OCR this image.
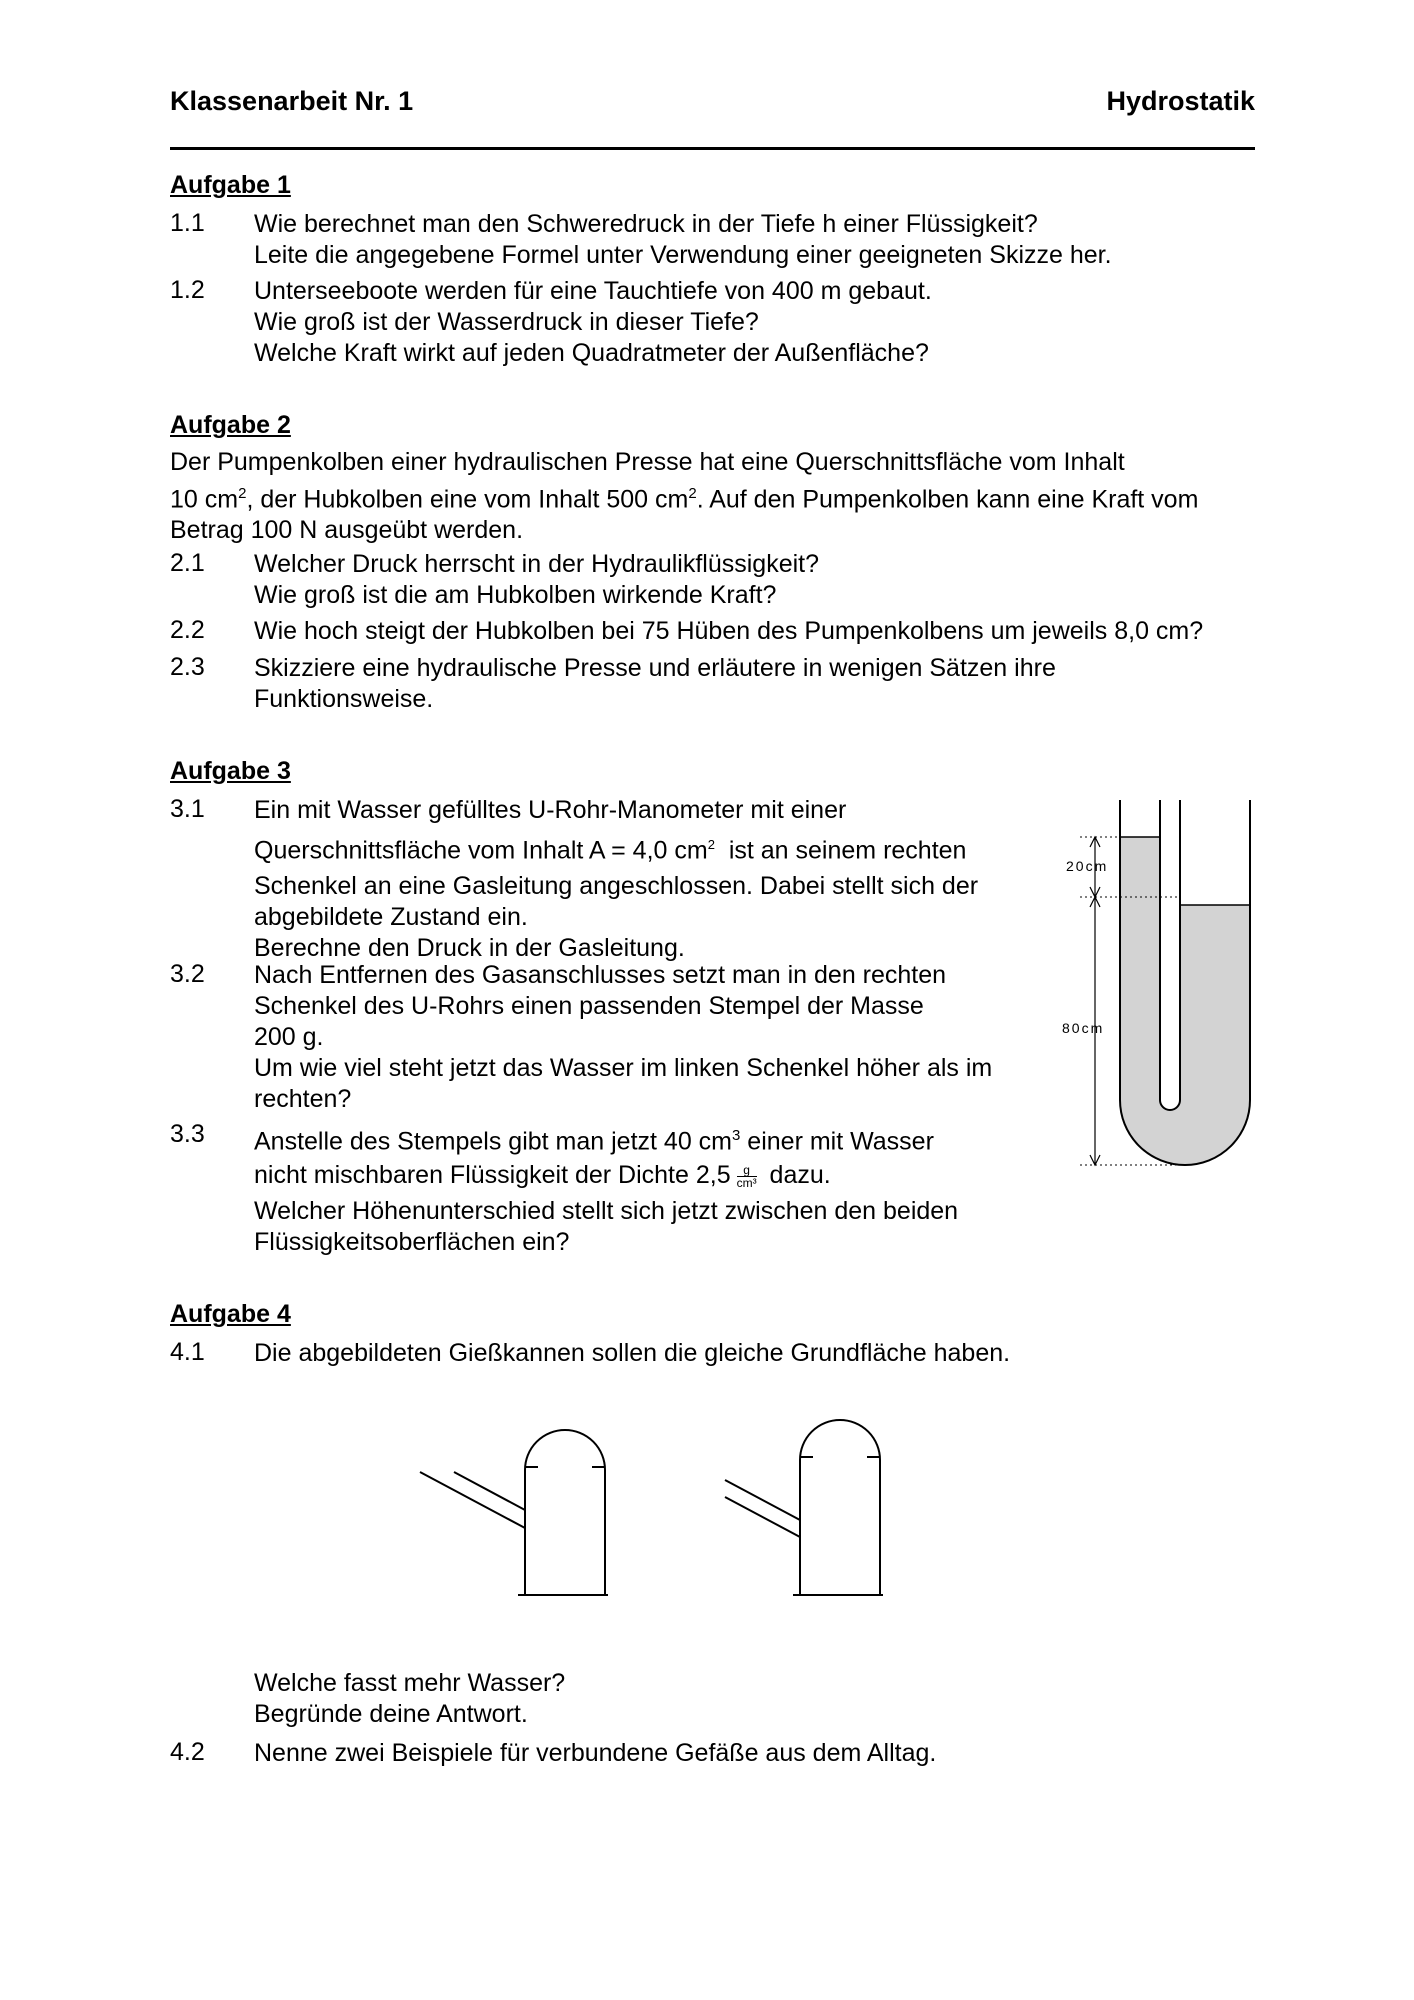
Klassenarbeit Nr. 1	Hydrostatik
Aufgabe 1
1.1 Wie berechnet man den Schweredruck in der Tiefe h einer Flüssigkeit?
Leite die angegebene Formel unter Verwendung einer geeigneten Skizze her.
1.2 Unterseeboote werden für eine Tauchtiefe von 400 m gebaut.
Wie groß ist der Wasserdruck in dieser Tiefe?
Welche Kraft wirkt auf jeden Quadratmeter der Außenfläche?
Aufgabe 2
Der Pumpenkolben einer hydraulischen Presse hat eine Querschnittsfläche vom Inhalt
10 $cm^2$, der Hubkolben eine vom Inhalt 500 $cm^2$. Auf den Pumpenkolben kann eine Kraft vom
Betrag 100 N ausgeübt werden.
2.1 Welcher Druck herrscht in der Hydraulikflüssigkeit?
Wie groß ist die am Hubkolben wirkende Kraft?
2.2 Wie hoch steigt der Hubkolben bei 75 Hüben des Pumpenkolbens um jeweils 8,0 cm?
2.3 Skizziere eine hydraulische Presse und erläutere in wenigen Sätzen ihre
Funktionsweise.
Aufgabe 3
3.1 Ein mit Wasser gefülltes U-Rohr-Manometer mit einer
Querschnittsfläche vom Inhalt A = 4,0 $cm^2$  ist an seinem rechten
Schenkel an eine Gasleitung angeschlossen. Dabei stellt sich der
abgebildete Zustand ein.
Berechne den Druck in der Gasleitung.
3.2 Nach Entfernen des Gasanschlusses setzt man in den rechten
Schenkel des U-Rohrs einen passenden Stempel der Masse
200 g.
Um wie viel steht jetzt das Wasser im linken Schenkel höher als im
rechten?
3.3 Anstelle des Stempels gibt man jetzt 40 $cm^3$ einer mit Wasser
nicht mischbaren Flüssigkeit der Dichte $2,5 \frac{g}{\text{cm³}}$ dazu.
Welcher Höhenunterschied stellt sich jetzt zwischen den beiden
Flüssigkeitsoberflächen ein?
20cm
80cm
Aufgabe 4
4.1 Die abgebildeten Gießkannen sollen die gleiche Grundfläche haben.
Welche fasst mehr Wasser?
Begründe deine Antwort.
4.2 Nenne zwei Beispiele für verbundene Gefäße aus dem Alltag.
